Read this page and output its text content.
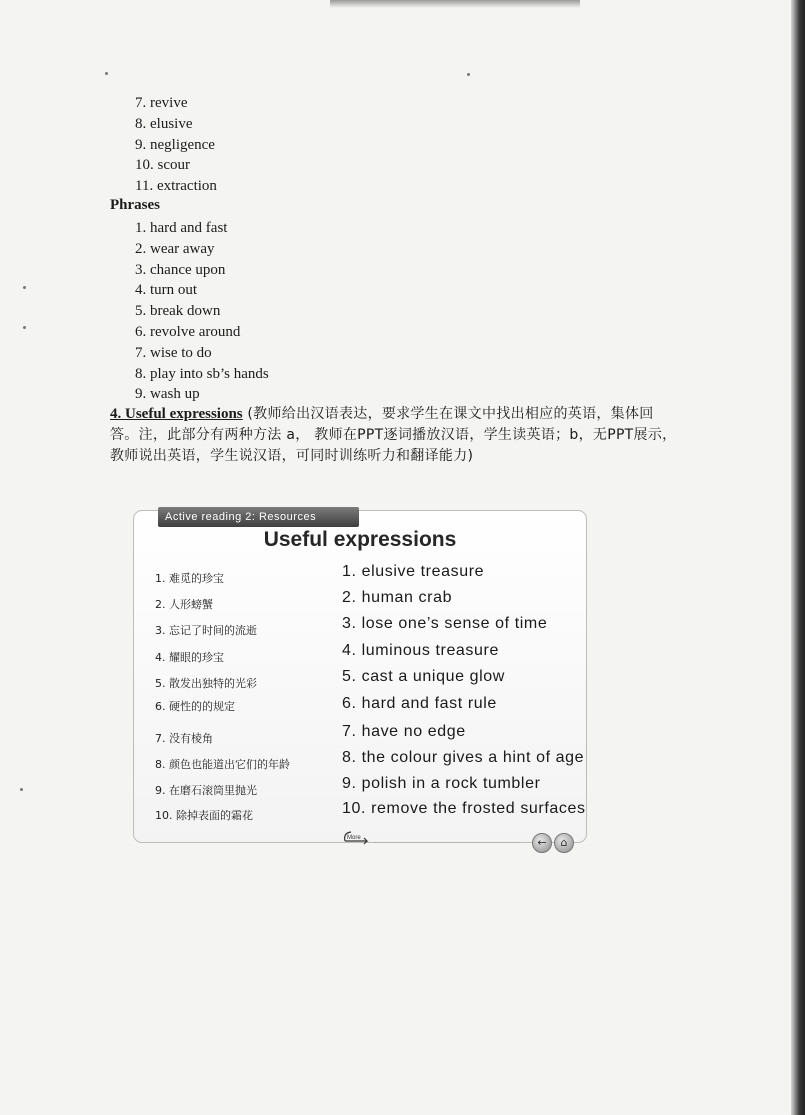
7. revive
8. elusive
9. negligence
10. scour
11. extraction
Phrases
1. hard and fast
2. wear away
3. chance upon
4. turn out
5. break down
6. revolve around
7. wise to do
8. play into sb’s hands
9. wash up
4. Useful expressions (教师给出汉语表达，要求学生在课文中找出相应的英语，集体回答。注，此部分有两种方法 a， 教师在PPT逐词播放汉语，学生读英语；b，无PPT展示，教师说出英语，学生说汉语，可同时训练听力和翻译能力)
Active reading 2: Resources
Useful expressions
1. 难觅的珍宝	1. elusive treasure
2. 人形螃蟹	2. human crab
3. 忘记了时间的流逝	3. lose one’s sense of time
4. 耀眼的珍宝	4. luminous treasure
5. 散发出独特的光彩	5. cast a unique glow
6. 硬性的的规定	6. hard and fast rule
7. 没有棱角	7. have no edge
8. 颜色也能道出它们的年龄	8. the colour gives a hint of age
9. 在磨石滚筒里抛光	9. polish in a rock tumbler
10. 除掉表面的霜花	10. remove the frosted surfaces
More	←	⌂
